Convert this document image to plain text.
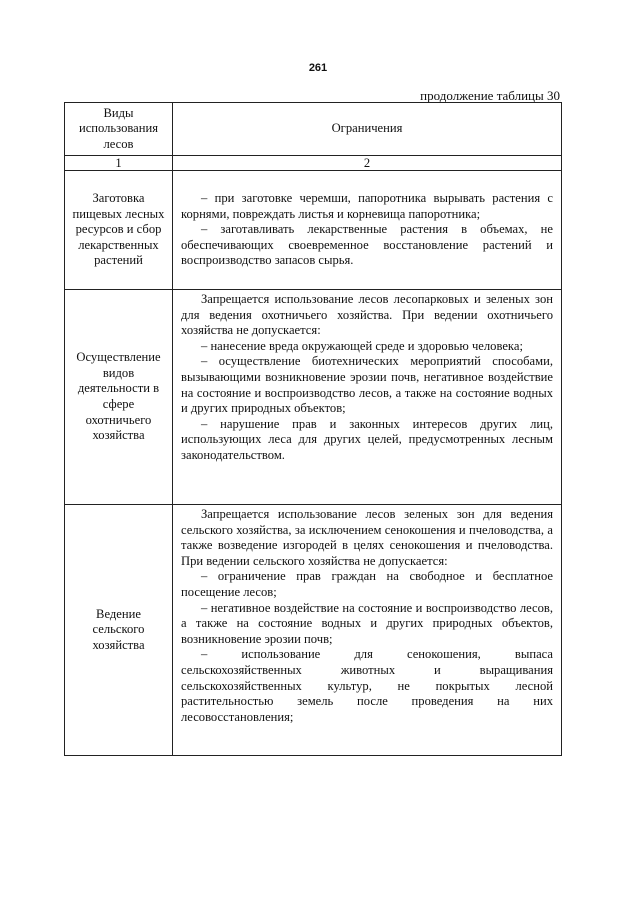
261
продолжение таблицы 30
Виды использования лесов	Ограничения
1	2
Заготовка пищевых лесных ресурсов и сбор лекарственных растений	– при заготовке черемши, папоротника вырывать растения с корнями, повреждать листья и корневища папоротника;

– заготавливать лекарственные растения в объемах, не обеспечивающих своевременное восстановление растений и воспроизводство запасов сырья.

Осуществление видов деятельности в сфере охотничьего хозяйства	Запрещается использование лесов лесопарковых и зеленых зон для ведения охотничьего хозяйства. При ведении охотничьего хозяйства не допускается:

– нанесение вреда окружающей среде и здоровью человека;

– осуществление биотехнических мероприятий способами, вызывающими возникновение эрозии почв, негативное воздействие на состояние и воспроизводство лесов, а также на состояние водных и других природных объектов;

– нарушение прав и законных интересов других лиц, использующих леса для других целей, предусмотренных лесным законодательством.

Ведение сельского хозяйства	Запрещается использование лесов зеленых зон для ведения сельского хозяйства, за исключением сенокошения и пчеловодства, а также возведение изгородей в целях сенокошения и пчеловодства. При ведении сельского хозяйства не допускается:

– ограничение прав граждан на свободное и бесплатное посещение лесов;

– негативное воздействие на состояние и воспроизводство лесов, а также на состояние водных и других природных объектов, возникновение эрозии почв;

– использование для сенокошения, выпаса сельскохозяйственных животных и выращивания сельскохозяйственных культур, не покрытых лесной растительностью земель после проведения на них лесовосстановления;
